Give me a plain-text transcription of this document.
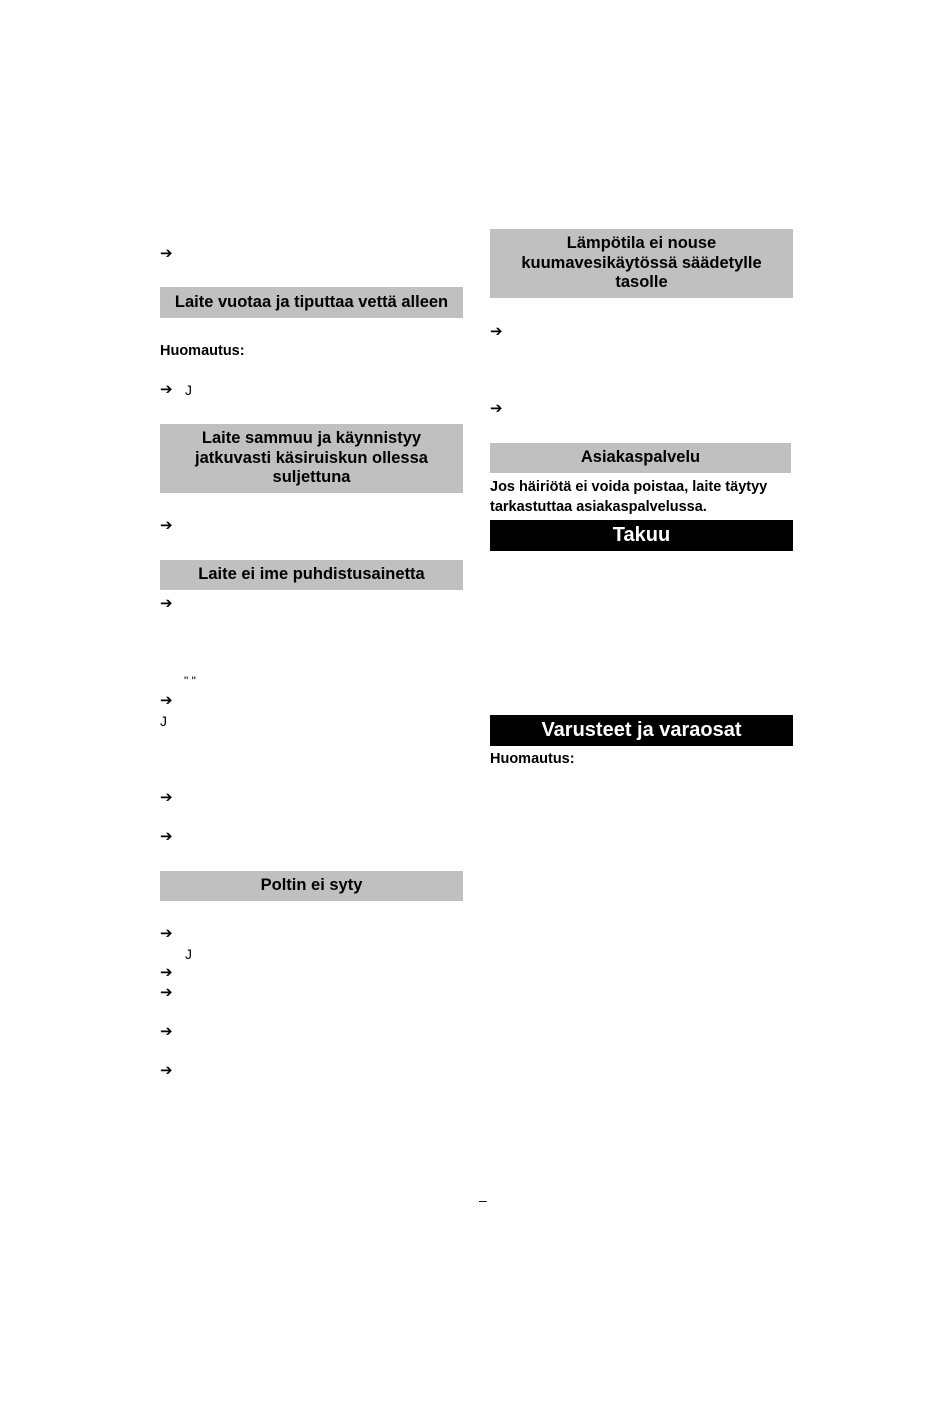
➔
Laite vuotaa ja tiputtaa vettä alleen
Huomautus:
➔ J
Laite sammuu ja käynnistyy jatkuvasti käsiruiskun ollessa suljettuna
➔
Laite ei ime puhdistusainetta
➔
" "
➔
J
➔
➔
Poltin ei syty
➔
J
➔
➔
➔
➔
Lämpötila ei nouse kuumavesikäytössä säädetylle tasolle
➔
➔
Asiakaspalvelu
Jos häiriötä ei voida poistaa, laite täytyy tarkastuttaa asiakaspalvelussa.
Takuu
Varusteet ja varaosat
Huomautus:
–
